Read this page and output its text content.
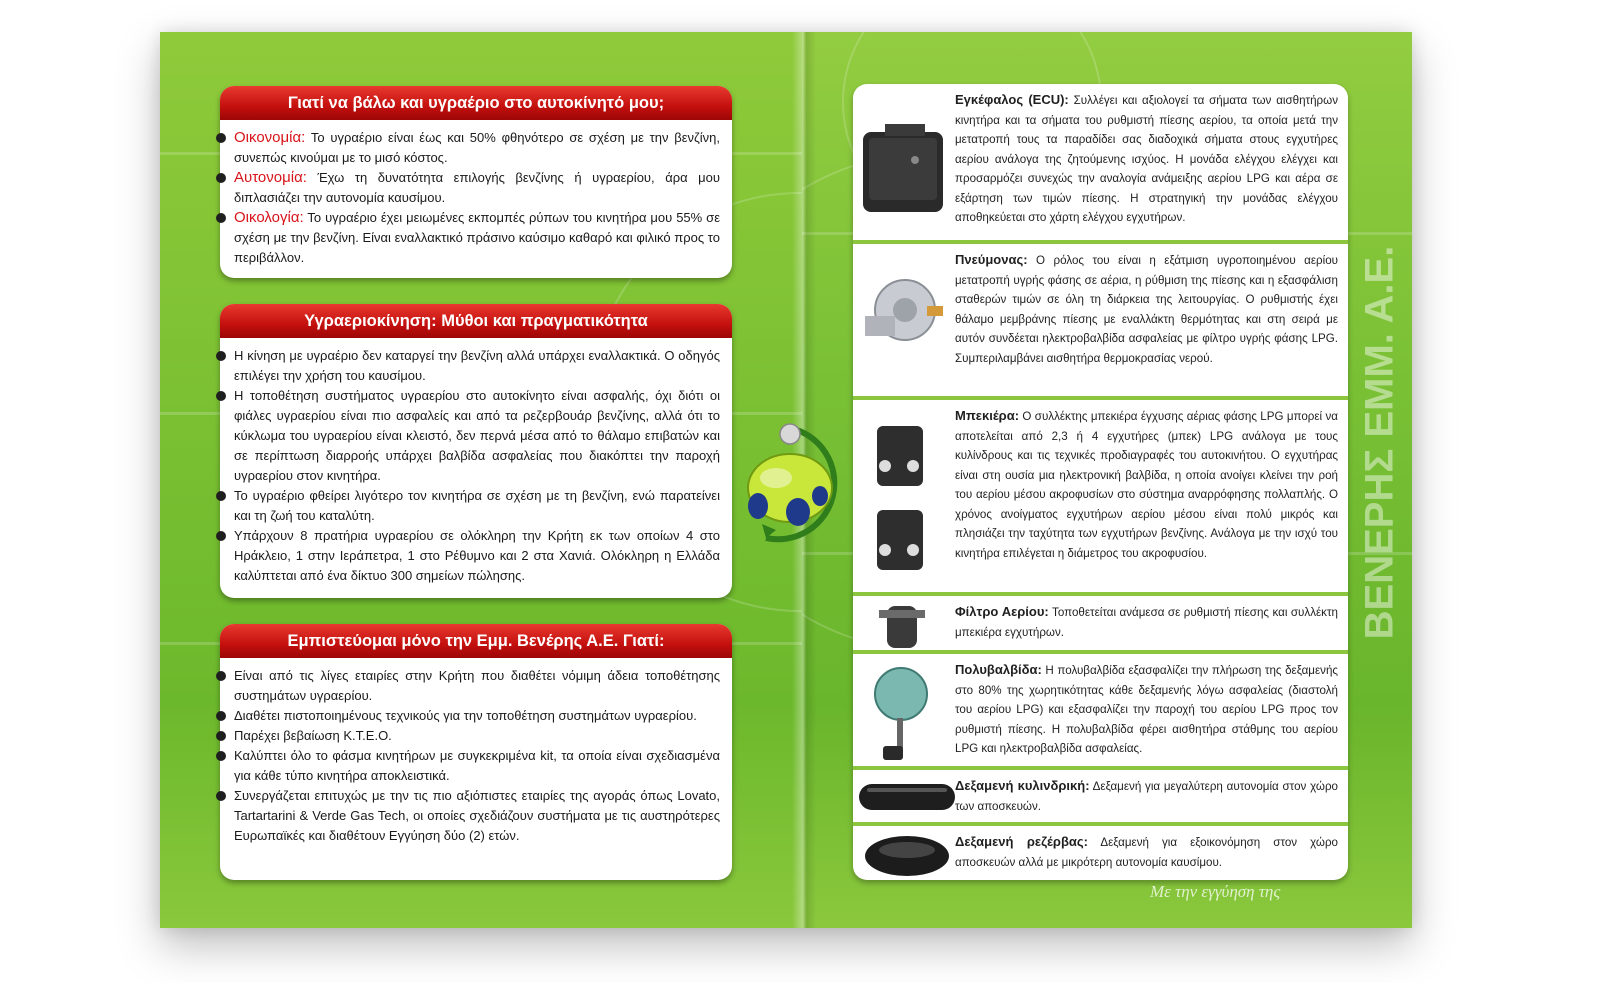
Τοποθέτηση Υγραερίου	ΒΕΝΕΡΗΣ ΕΜΜ. Α.Ε.
Γιατί να βάλω και υγραέριο στο αυτοκίνητό μου;
Οικονομία: Το υγραέριο είναι έως και 50% φθηνότερο σε σχέση με την βενζίνη, συνεπώς κινούμαι με το μισό κόστος.
Αυτονομία: Έχω τη δυνατότητα επιλογής βενζίνης ή υγραερίου, άρα μου διπλασιάζει την αυτονομία καυσίμου.
Οικολογία: Το υγραέριο έχει μειωμένες εκπομπές ρύπων του κινητήρα μου 55% σε σχέση με την βενζίνη. Είναι εναλλακτικό πράσινο καύσιμο καθαρό και φιλικό προς το περιβάλλον.
Υγραεριοκίνηση: Μύθοι και πραγματικότητα
Η κίνηση με υγραέριο δεν καταργεί την βενζίνη αλλά υπάρχει εναλλακτικά. Ο οδηγός επιλέγει την χρήση του καυσίμου.
Η τοποθέτηση συστήματος υγραερίου στο αυτοκίνητο είναι ασφαλής, όχι διότι οι φιάλες υγραερίου είναι πιο ασφαλείς και από τα ρεζερβουάρ βενζίνης, αλλά ότι το κύκλωμα του υγραερίου είναι κλειστό, δεν περνά μέσα από το θάλαμο επιβατών και σε περίπτωση διαρροής υπάρχει βαλβίδα ασφαλείας που διακόπτει την παροχή υγραερίου στον κινητήρα.
Το υγραέριο φθείρει λιγότερο τον κινητήρα σε σχέση με τη βενζίνη, ενώ παρατείνει και τη ζωή του καταλύτη.
Υπάρχουν 8 πρατήρια υγραερίου σε ολόκληρη την Κρήτη εκ των οποίων 4 στο Ηράκλειο, 1 στην Ιεράπετρα, 1 στο Ρέθυμνο και 2 στα Χανιά. Ολόκληρη η Ελλάδα καλύπτεται από ένα δίκτυο 300 σημείων πώλησης.
Εμπιστεύομαι μόνο την Εμμ. Βενέρης Α.Ε. Γιατί:
Είναι από τις λίγες εταιρίες στην Κρήτη που διαθέτει νόμιμη άδεια τοποθέτησης συστημάτων υγραερίου.
Διαθέτει πιστοποιημένους τεχνικούς για την τοποθέτηση συστημάτων υγραερίου.
Παρέχει βεβαίωση Κ.Τ.Ε.Ο.
Καλύπτει όλο το φάσμα κινητήρων με συγκεκριμένα kit, τα οποία είναι σχεδιασμένα για κάθε τύπο κινητήρα αποκλειστικά.
Συνεργάζεται επιτυχώς με την τις πιο αξιόπιστες εταιρίες της αγοράς όπως Lovato, Tartartarini & Verde Gas Tech, οι οποίες σχεδιάζουν συστήματα με τις αυστηρότερες Ευρωπαϊκές και διαθέτουν Εγγύηση δύο (2) ετών.
Εγκέφαλος (ECU): Συλλέγει και αξιολογεί τα σήματα των αισθητήρων κινητήρα και τα σήματα του ρυθμιστή πίεσης αερίου, τα οποία μετά την μετατροπή τους τα παραδίδει σας διαδοχικά σήματα στους εγχυτήρες αερίου ανάλογα της ζητούμενης ισχύος. Η μονάδα ελέγχου ελέγχει και προσαρμόζει συνεχώς την αναλογία ανάμειξης αερίου LPG και αέρα σε εξάρτηση των τιμών πίεσης. Η στρατηγική την μονάδας ελέγχου αποθηκεύεται στο χάρτη ελέγχου εγχυτήρων.
Πνεύμονας: Ο ρόλος του είναι η εξάτμιση υγροποιημένου αερίου μετατροπή υγρής φάσης σε αέρια, η ρύθμιση της πίεσης και η εξασφάλιση σταθερών τιμών σε όλη τη διάρκεια της λειτουργίας. Ο ρυθμιστής έχει θάλαμο μεμβράνης πίεσης με εναλλάκτη θερμότητας και στη σειρά με αυτόν συνδέεται ηλεκτροβαλβίδα ασφαλείας με φίλτρο υγρής φάσης LPG. Συμπεριλαμβάνει αισθητήρα θερμοκρασίας νερού.
Μπεκιέρα: Ο συλλέκτης μπεκιέρα έγχυσης αέριας φάσης LPG μπορεί να αποτελείται από 2,3 ή 4 εγχυτήρες (μπεκ) LPG ανάλογα με τους κυλίνδρους και τις τεχνικές προδιαγραφές του αυτοκινήτου. Ο εγχυτήρας είναι στη ουσία μια ηλεκτρονική βαλβίδα, η οποία ανοίγει κλείνει την ροή του αερίου μέσου ακροφυσίων στο σύστημα αναρρόφησης πολλαπλής. Ο χρόνος ανοίγματος εγχυτήρων αερίου μέσου είναι πολύ μικρός και πλησιάζει την ταχύτητα των εγχυτήρων βενζίνης. Ανάλογα με την ισχύ του κινητήρα επιλέγεται η διάμετρος του ακροφυσίου.
Φίλτρο Αερίου: Τοποθετείται ανάμεσα σε ρυθμιστή πίεσης και συλλέκτη μπεκιέρα εγχυτήρων.
Πολυβαλβίδα: Η πολυβαλβίδα εξασφαλίζει την πλήρωση της δεξαμενής στο 80% της χωρητικότητας κάθε δεξαμενής λόγω ασφαλείας (διαστολή του αερίου LPG) και εξασφαλίζει την παροχή του αερίου LPG προς τον ρυθμιστή πίεσης. Η πολυβαλβίδα φέρει αισθητήρα στάθμης του αερίου LPG και ηλεκτροβαλβίδα ασφαλείας.
Δεξαμενή κυλινδρική: Δεξαμενή για μεγαλύτερη αυτονομία στον χώρο των αποσκευών.
Δεξαμενή ρεζέρβας: Δεξαμενή για εξοικονόμηση στον χώρο αποσκευών αλλά με μικρότερη αυτονομία καυσίμου.
Με την εγγύηση της
